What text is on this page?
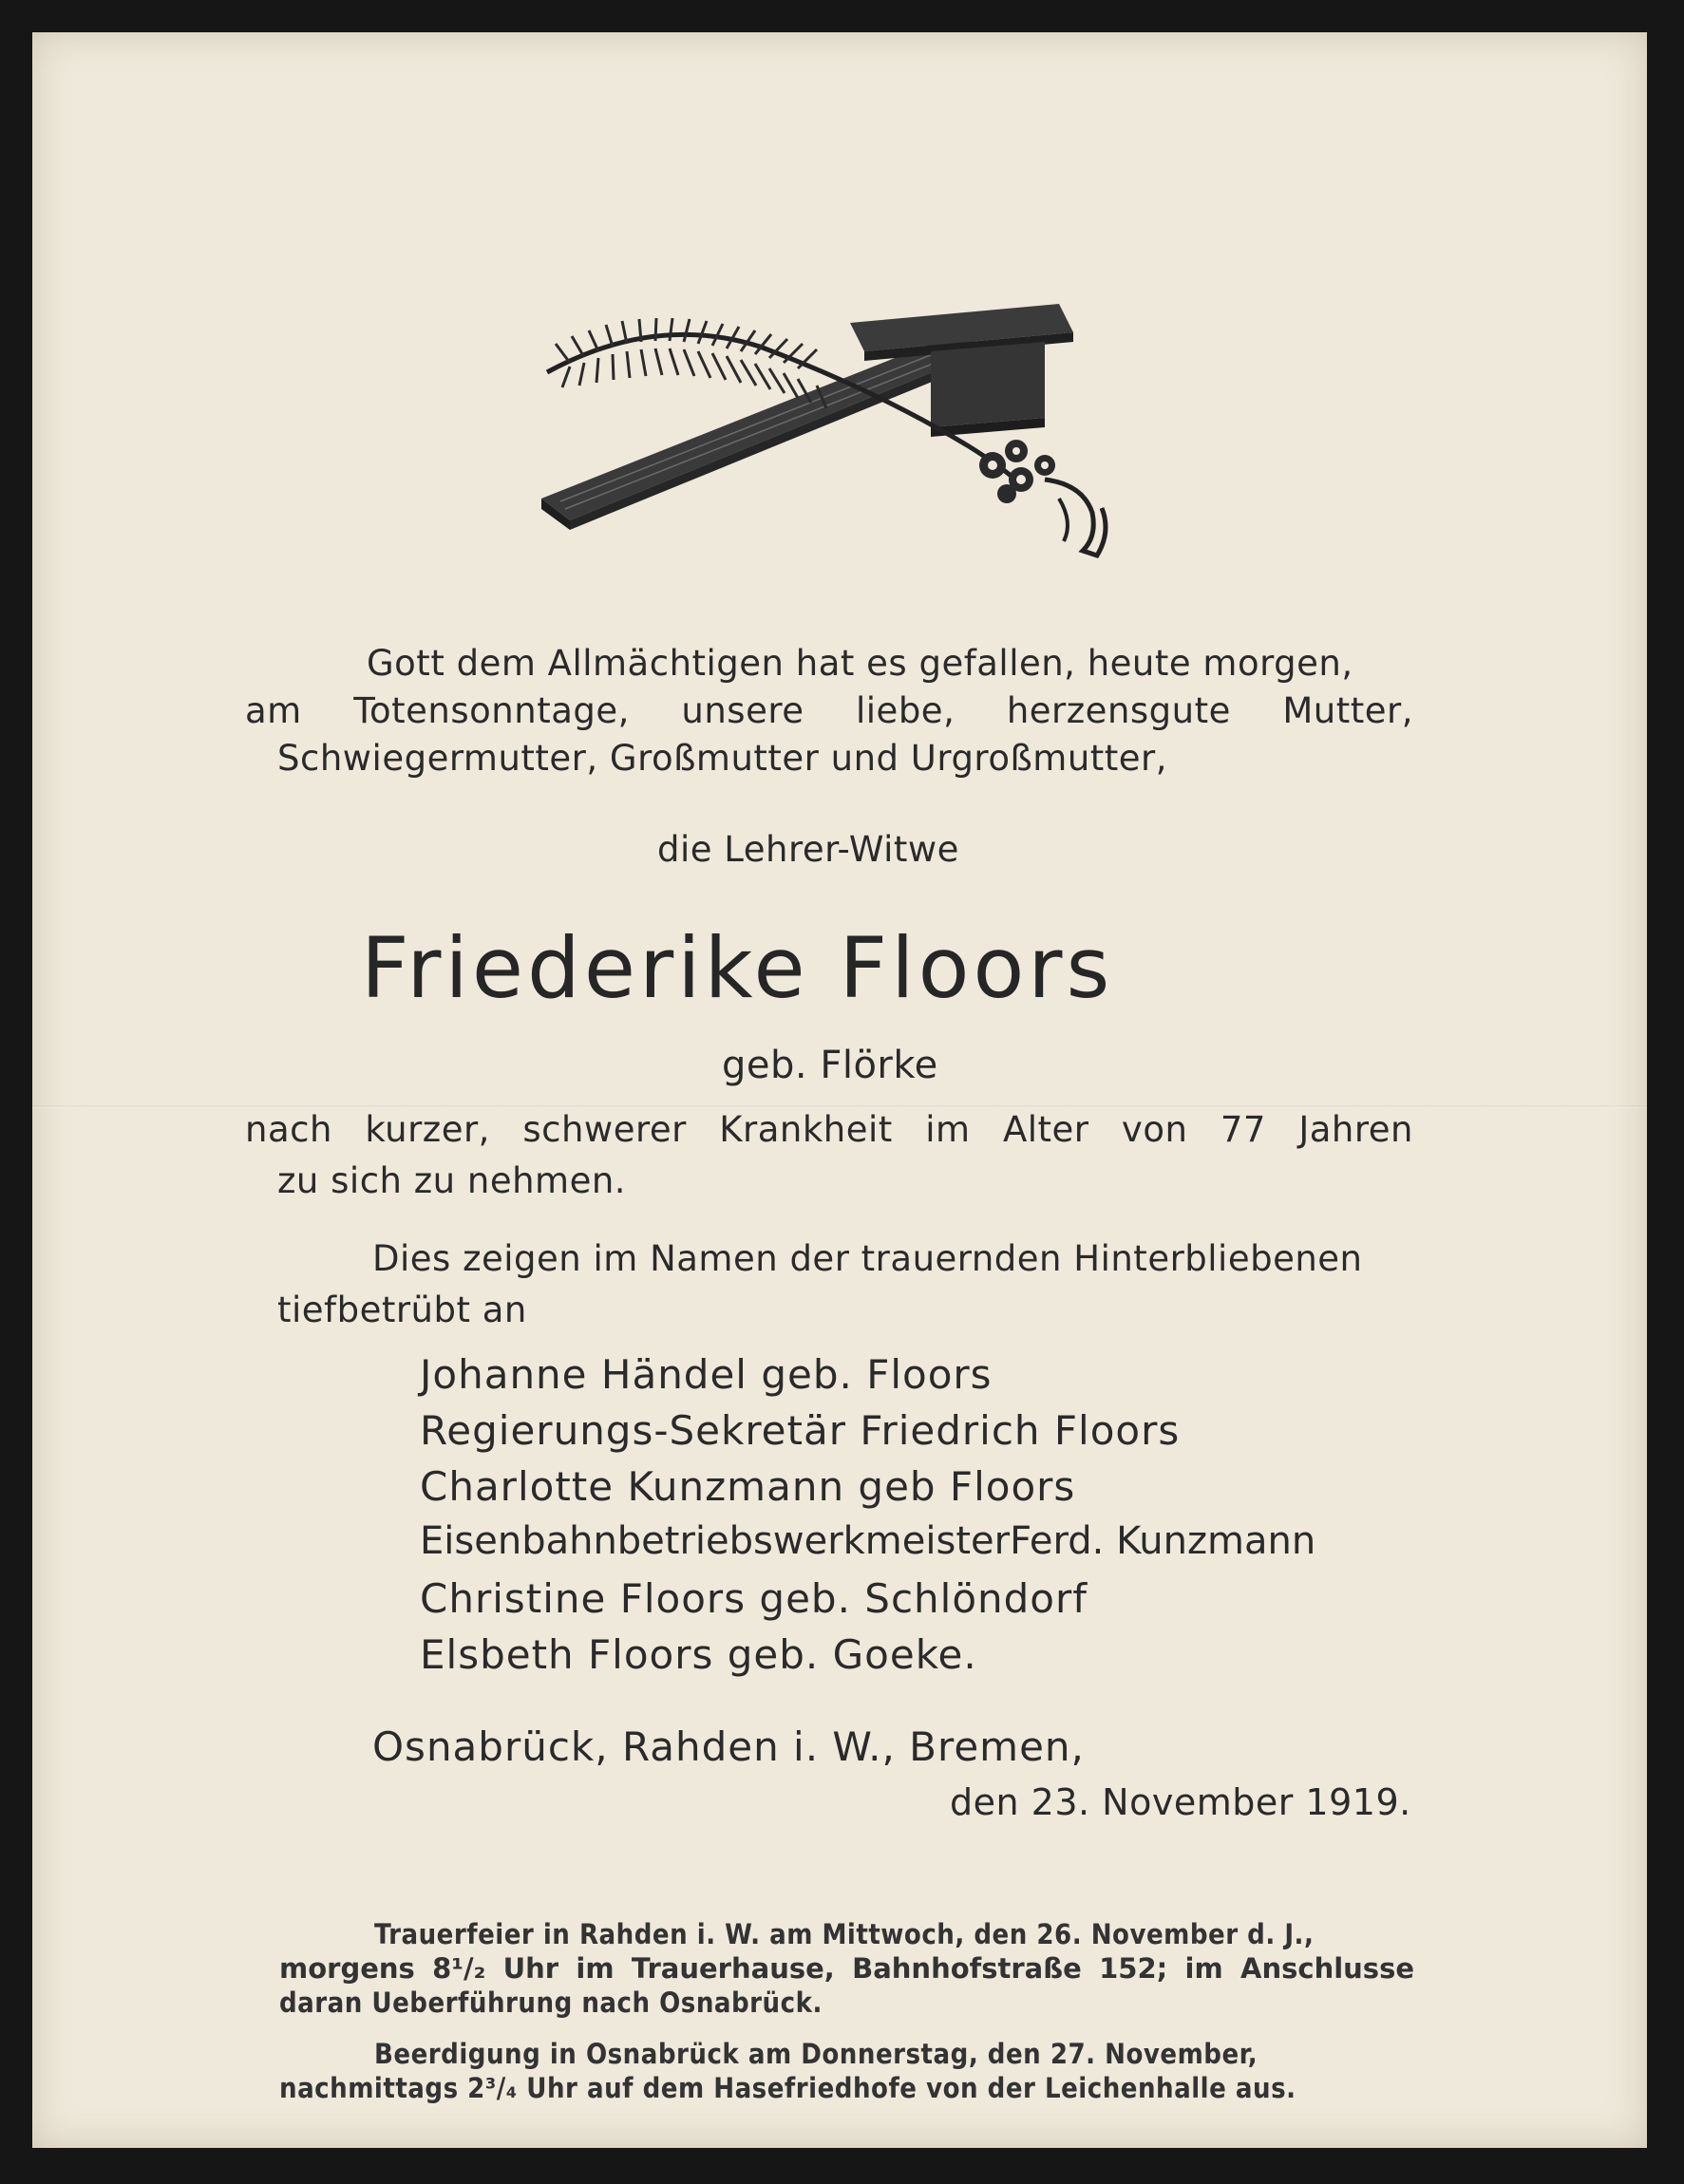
Gott dem Allmächtigen hat es gefallen, heute morgen,
am Totensonntage, unsere liebe, herzensgute Mutter,
Schwiegermutter, Großmutter und Urgroßmutter,
die Lehrer-Witwe
Friederike Floors
geb. Flörke
nach kurzer, schwerer Krankheit im Alter von 77 Jahren
zu sich zu nehmen.
Dies zeigen im Namen der trauernden Hinterbliebenen
tiefbetrübt an
Johanne Händel geb. Floors
Regierungs-Sekretär Friedrich Floors
Charlotte Kunzmann geb Floors
EisenbahnbetriebswerkmeisterFerd. Kunzmann
Christine Floors geb. Schlöndorf
Elsbeth Floors geb. Goeke.
Osnabrück, Rahden i. W., Bremen,
den 23. November 1919.
Trauerfeier in Rahden i. W. am Mittwoch, den 26. November d. J.,
morgens 8¹/₂ Uhr im Trauerhause, Bahnhofstraße 152; im Anschlusse
daran Ueberführung nach Osnabrück.
Beerdigung in Osnabrück am Donnerstag, den 27. November,
nachmittags 2³/₄ Uhr auf dem Hasefriedhofe von der Leichenhalle aus.
